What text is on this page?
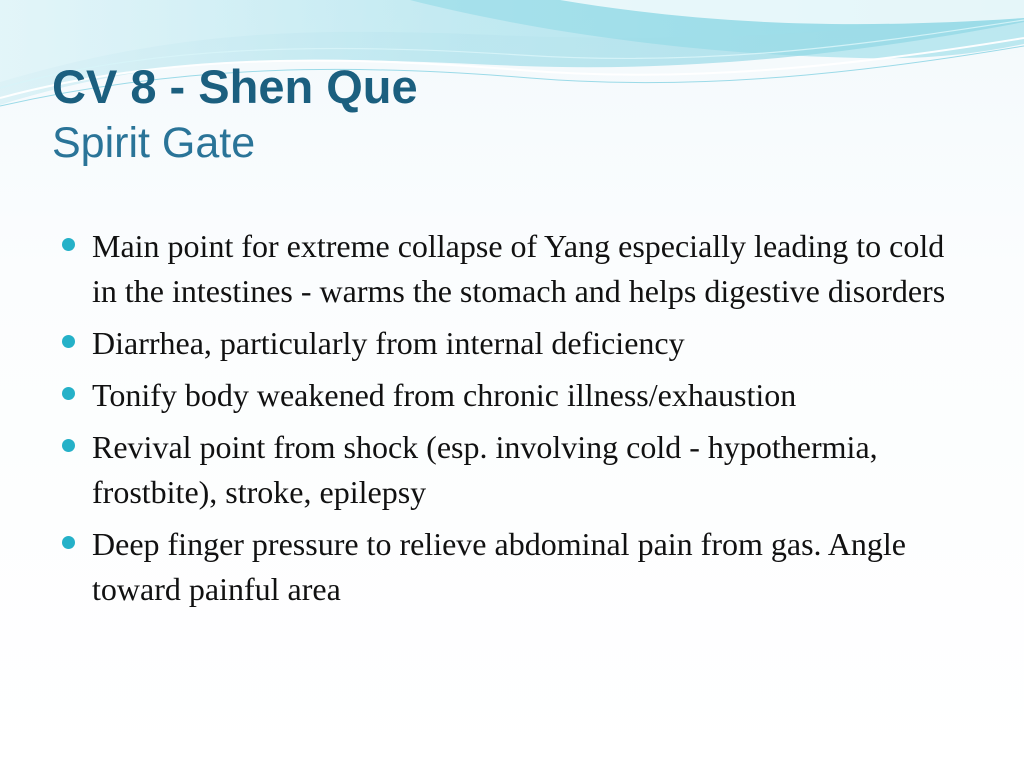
CV 8 - Shen Que
Spirit Gate
Main point for extreme collapse of Yang especially leading to cold in the intestines - warms the stomach and helps digestive disorders
Diarrhea, particularly from internal deficiency
Tonify body weakened from chronic illness/exhaustion
Revival point from shock (esp. involving cold - hypothermia, frostbite), stroke, epilepsy
Deep finger pressure to relieve abdominal pain from gas. Angle toward painful area
